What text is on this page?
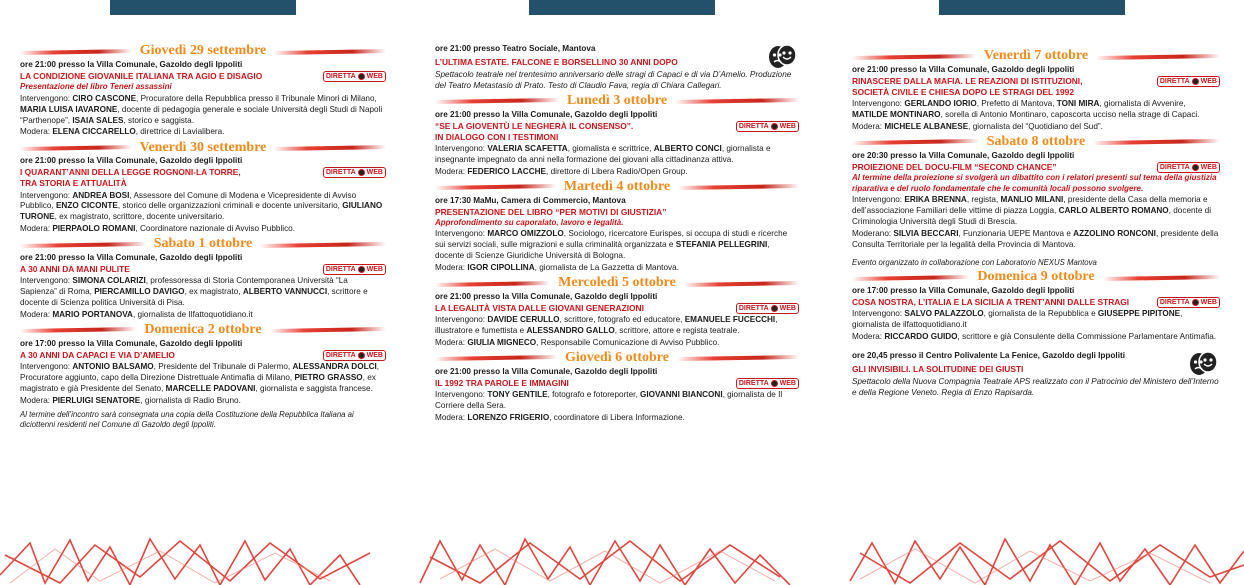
Giovedì 29 settembre
ore 21:00 presso la Villa Comunale, Gazoldo degli Ippoliti
LA CONDIZIONE GIOVANILE ITALIANA TRA AGIO E DISAGIO	DIRETTA WEB
Presentazione del libro Teneri assassini
Intervengono: CIRO CASCONE, Procuratore della Repubblica presso il Tribunale Minori di Milano, MARIA LUISA IAVARONE, docente di pedagogia generale e sociale Università degli Studi di Napoli “Parthenope”, ISAIA SALES, storico e saggista.
Modera: ELENA CICCARELLO, direttrice di Lavialibera.
Venerdì 30 settembre
ore 21:00 presso la Villa Comunale, Gazoldo degli Ippoliti
I QUARANT’ANNI DELLA LEGGE ROGNONI-LA TORRE,
TRA STORIA E ATTUALITÀ
DIRETTA WEB
Intervengono: ANDREA BOSI, Assessore del Comune di Modena e Vicepresidente di Avviso Pubblico, ENZO CICONTE, storico delle organizzazioni criminali e docente universitario, GIULIANO TURONE, ex magistrato, scrittore, docente universitario.
Modera: PIERPAOLO ROMANI, Coordinatore nazionale di Avviso Pubblico.
Sabato 1 ottobre
ore 21:00 presso la Villa Comunale, Gazoldo degli Ippoliti
A 30 ANNI DA MANI PULITE	DIRETTA WEB
Intervengono: SIMONA COLARIZI, professoressa di Storia Contemporanea Università “La Sapienza” di Roma, PIERCAMILLO DAVIGO, ex magistrato, ALBERTO VANNUCCI, scrittore e docente di Scienza politica Università di Pisa.
Modera: MARIO PORTANOVA, giornalista de Ilfattoquotidiano.it
Domenica 2 ottobre
ore 17:00 presso la Villa Comunale, Gazoldo degli Ippoliti
A 30 ANNI DA CAPACI E VIA D’AMELIO	DIRETTA WEB
Intervengono: ANTONIO BALSAMO, Presidente del Tribunale di Palermo, ALESSANDRA DOLCI, Procuratore aggiunto, capo della Direzione Distrettuale Antimafia di Milano, PIETRO GRASSO, ex magistrato e già Presidente del Senato, MARCELLE PADOVANI, giornalista e saggista francese.
Modera: PIERLUIGI SENATORE, giornalista di Radio Bruno.
Al termine dell’incontro sarà consegnata una copia della Costituzione della Repubblica Italiana ai diciottenni residenti nel Comune di Gazoldo degli Ippoliti.
ore 21:00 presso Teatro Sociale, Mantova
L’ULTIMA ESTATE. FALCONE E BORSELLINO 30 ANNI DOPO
Spettacolo teatrale nel trentesimo anniversario delle stragi di Capaci e di via D’Amelio. Produzione del Teatro Metastasio di Prato. Testo di Claudio Fava, regia di Chiara Callegari.
Lunedì 3 ottobre
ore 21:00 presso la Villa Comunale, Gazoldo degli Ippoliti
“SE LA GIOVENTÙ LE NEGHERÀ IL CONSENSO”.
IN DIALOGO CON I TESTIMONI
DIRETTA WEB
Intervengono: VALERIA SCAFETTA, giornalista e scrittrice, ALBERTO CONCI, giornalista e insegnante impegnato da anni nella formazione dei giovani alla cittadinanza attiva.
Modera: FEDERICO LACCHE, direttore di Libera Radio/Open Group.
Martedì 4 ottobre
ore 17:30 MaMu, Camera di Commercio, Mantova
PRESENTAZIONE DEL LIBRO “PER MOTIVI DI GIUSTIZIA”
Approfondimento su caporalato, lavoro e legalità.
Intervengono: MARCO OMIZZOLO, Sociologo, ricercatore Eurispes, si occupa di studi e ricerche sui servizi sociali, sulle migrazioni e sulla criminalità organizzata e STEFANIA PELLEGRINI, docente di Scienze Giuridiche Università di Bologna.
Modera: IGOR CIPOLLINA, giornalista de La Gazzetta di Mantova.
Mercoledì 5 ottobre
ore 21:00 presso la Villa Comunale, Gazoldo degli Ippoliti
LA LEGALITÀ VISTA DALLE GIOVANI GENERAZIONI	DIRETTA WEB
Intervengono: DAVIDE CERULLO, scrittore, fotografo ed educatore, EMANUELE FUCECCHI, illustratore e fumettista e ALESSANDRO GALLO, scrittore, attore e regista teatrale.
Modera: GIULIA MIGNECO, Responsabile Comunicazione di Avviso Pubblico.
Giovedì 6 ottobre
ore 21:00 presso la Villa Comunale, Gazoldo degli Ippoliti
IL 1992 TRA PAROLE E IMMAGINI	DIRETTA WEB
Intervengono: TONY GENTILE, fotografo e fotoreporter, GIOVANNI BIANCONI, giornalista de Il Corriere della Sera.
Modera: LORENZO FRIGERIO, coordinatore di Libera Informazione.
Venerdì 7 ottobre
ore 21:00 presso la Villa Comunale, Gazoldo degli Ippoliti
RINASCERE DALLA MAFIA. LE REAZIONI DI ISTITUZIONI,
SOCIETÀ CIVILE E CHIESA DOPO LE STRAGI DEL 1992
DIRETTA WEB
Intervengono: GERLANDO IORIO, Prefetto di Mantova, TONI MIRA, giornalista di Avvenire, MATILDE MONTINARO, sorella di Antonio Montinaro, caposcorta ucciso nella strage di Capaci.
Modera: MICHELE ALBANESE, giornalista del “Quotidiano del Sud”.
Sabato 8 ottobre
ore 20:30 presso la Villa Comunale, Gazoldo degli Ippoliti
PROIEZIONE DEL DOCU-FILM “SECOND CHANCE”	DIRETTA WEB
Al termine della proiezione si svolgerà un dibattito con i relatori presenti sul tema della giustizia riparativa e del ruolo fondamentale che le comunità locali possono svolgere.
Intervengono: ERIKA BRENNA, regista, MANLIO MILANI, presidente della Casa della memoria e dell’associazione Familiari delle vittime di piazza Loggia, CARLO ALBERTO ROMANO, docente di Criminologia Università degli Studi di Brescia.
Moderano: SILVIA BECCARI, Funzionaria UEPE Mantova e AZZOLINO RONCONI, presidente della Consulta Territoriale per la legalità della Provincia di Mantova.
Evento organizzato in collaborazione con Laboratorio NEXUS Mantova
Domenica 9 ottobre
ore 17:00 presso la Villa Comunale, Gazoldo degli Ippoliti
COSA NOSTRA, L’ITALIA E LA SICILIA A TRENT’ANNI DALLE STRAGI	DIRETTA WEB
Intervengono: SALVO PALAZZOLO, giornalista de la Repubblica e GIUSEPPE PIPITONE, giornalista de ilfattoquotidiano.it
Modera: RICCARDO GUIDO, scrittore e già Consulente della Commissione Parlamentare Antimafia.
ore 20,45 presso il Centro Polivalente La Fenice, Gazoldo degli Ippoliti
GLI INVISIBILI. LA SOLITUDINE DEI GIUSTI
Spettacolo della Nuova Compagnia Teatrale APS realizzato con il Patrocinio del Ministero dell’Interno e della Regione Veneto. Regia di Enzo Rapisarda.
